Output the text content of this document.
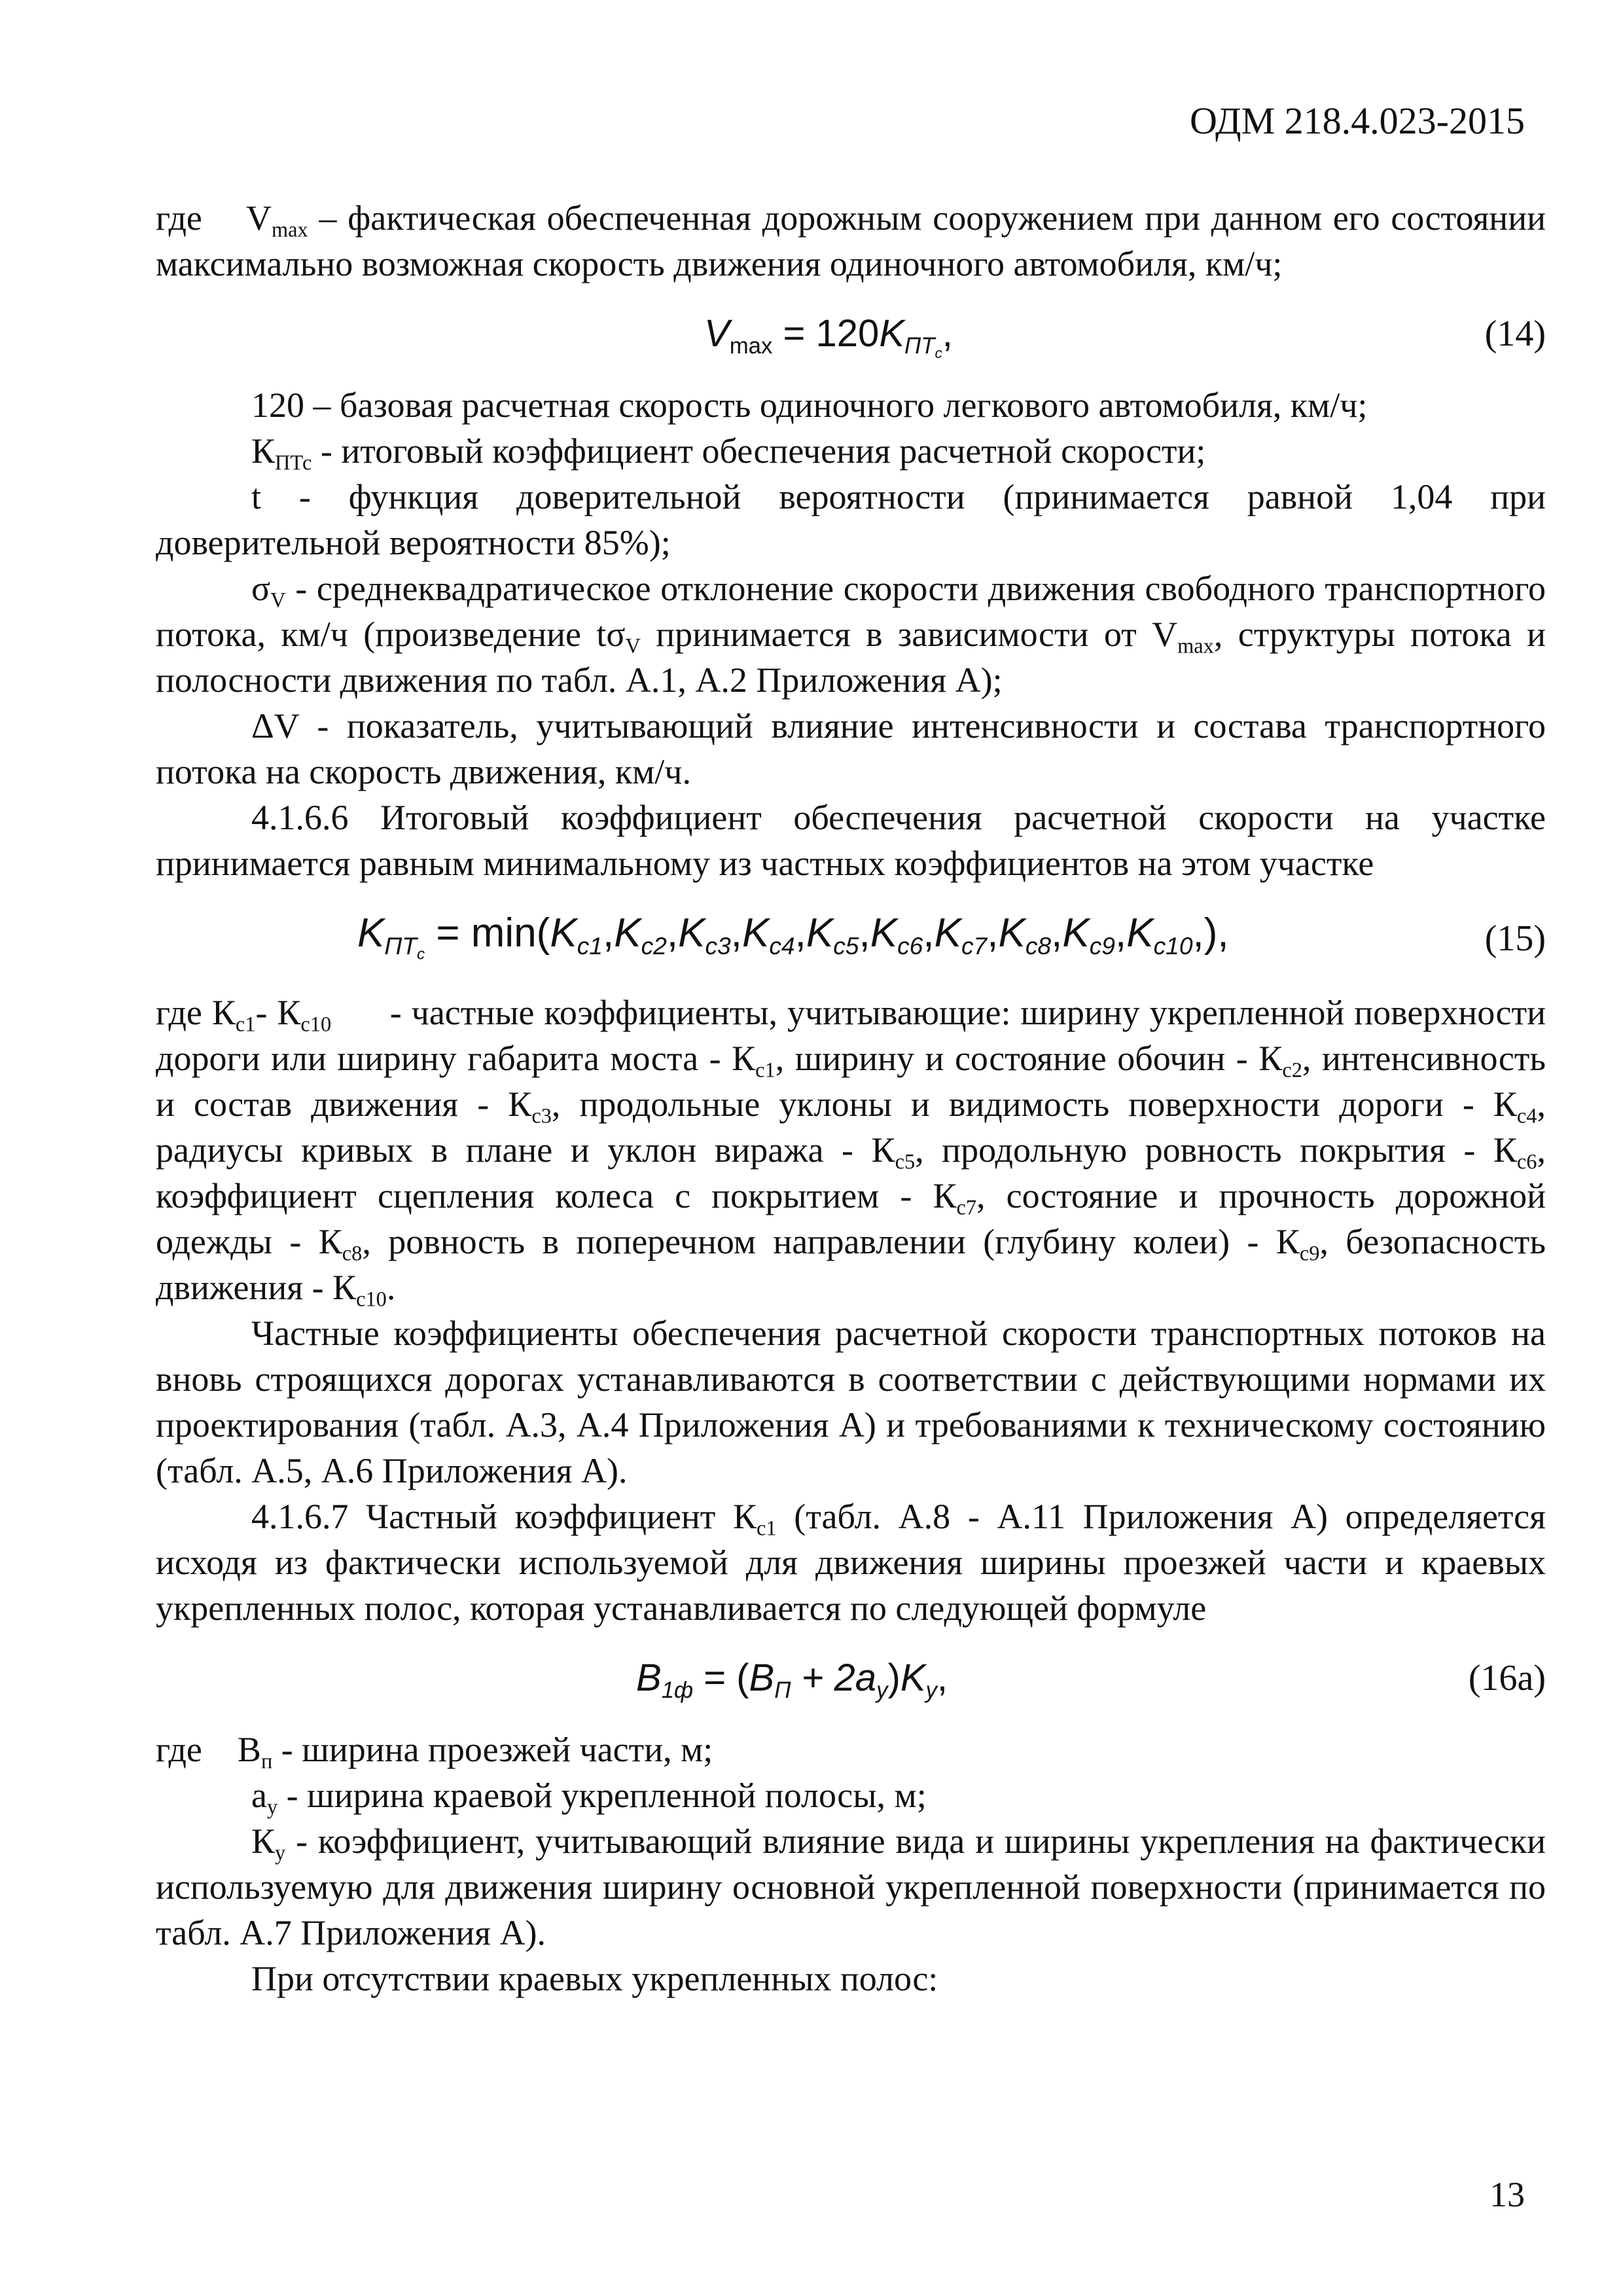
ОДМ 218.4.023-2015

где $V_{max}$ – фактическая обеспеченная дорожным сооружением при данном его состоянии максимально возможная скорость движения одиночного автомобиля, км/ч;

$V_{max} = 120K_{ПТ_с}$,	(14)

120 – базовая расчетная скорость одиночного легкового автомобиля, км/ч;

$К_{ПТс}$ - итоговый коэффициент обеспечения расчетной скорости;

t - функция доверительной вероятности (принимается равной 1,04 при доверительной вероятности 85%);

$\sigma_V$ - среднеквадратическое отклонение скорости движения свободного транспортного потока, км/ч (произведение $t\sigma_V$ принимается в зависимости от $V_{max}$, структуры потока и полосности движения по табл. А.1, А.2 Приложения А);

ΔV - показатель, учитывающий влияние интенсивности и состава транспортного потока на скорость движения, км/ч.

4.1.6.6 Итоговый коэффициент обеспечения расчетной скорости на участке принимается равным минимальному из частных коэффициентов на этом участке

$K_{ПТ_с} = \min(K_{c1},K_{c2},K_{c3},K_{c4},K_{c5},K_{c6},K_{c7},K_{c8},K_{c9},K_{c10},)$,	(15)

где $К_{с1}-$ $К_{с10}$      - частные коэффициенты, учитывающие: ширину укрепленной поверхности дороги или ширину габарита моста - $К_{с1}$, ширину и состояние обочин - $К_{с2}$, интенсивность и состав движения - $К_{с3}$, продольные уклоны и видимость поверхности дороги - $К_{с4}$, радиусы кривых в плане и уклон виража - $К_{с5}$, продольную ровность покрытия - $К_{с6}$, коэффициент сцепления колеса с покрытием - $К_{с7}$, состояние и прочность дорожной одежды - $К_{с8}$, ровность в поперечном направлении (глубину колеи) - $К_{с9}$, безопасность движения - $К_{с10}$.

Частные коэффициенты обеспечения расчетной скорости транспортных потоков на вновь строящихся дорогах устанавливаются в соответствии с действующими нормами их проектирования (табл. А.3, А.4 Приложения А) и требованиями к техническому состоянию (табл. А.5, А.6 Приложения А).

4.1.6.7 Частный коэффициент $К_{с1}$ (табл. А.8 - А.11 Приложения А) определяется исходя из фактически используемой для движения ширины проезжей части и краевых укрепленных полос, которая устанавливается по следующей формуле

$B_{1ф} = (B_П + 2a_у)K_у$,	(16а)

где $В_п$ - ширина проезжей части, м;

$а_у$ - ширина краевой укрепленной полосы, м;

$К_у$ - коэффициент, учитывающий влияние вида и ширины укрепления на фактически используемую для движения ширину основной укрепленной поверхности (принимается по табл. А.7 Приложения А).

При отсутствии краевых укрепленных полос:

13
